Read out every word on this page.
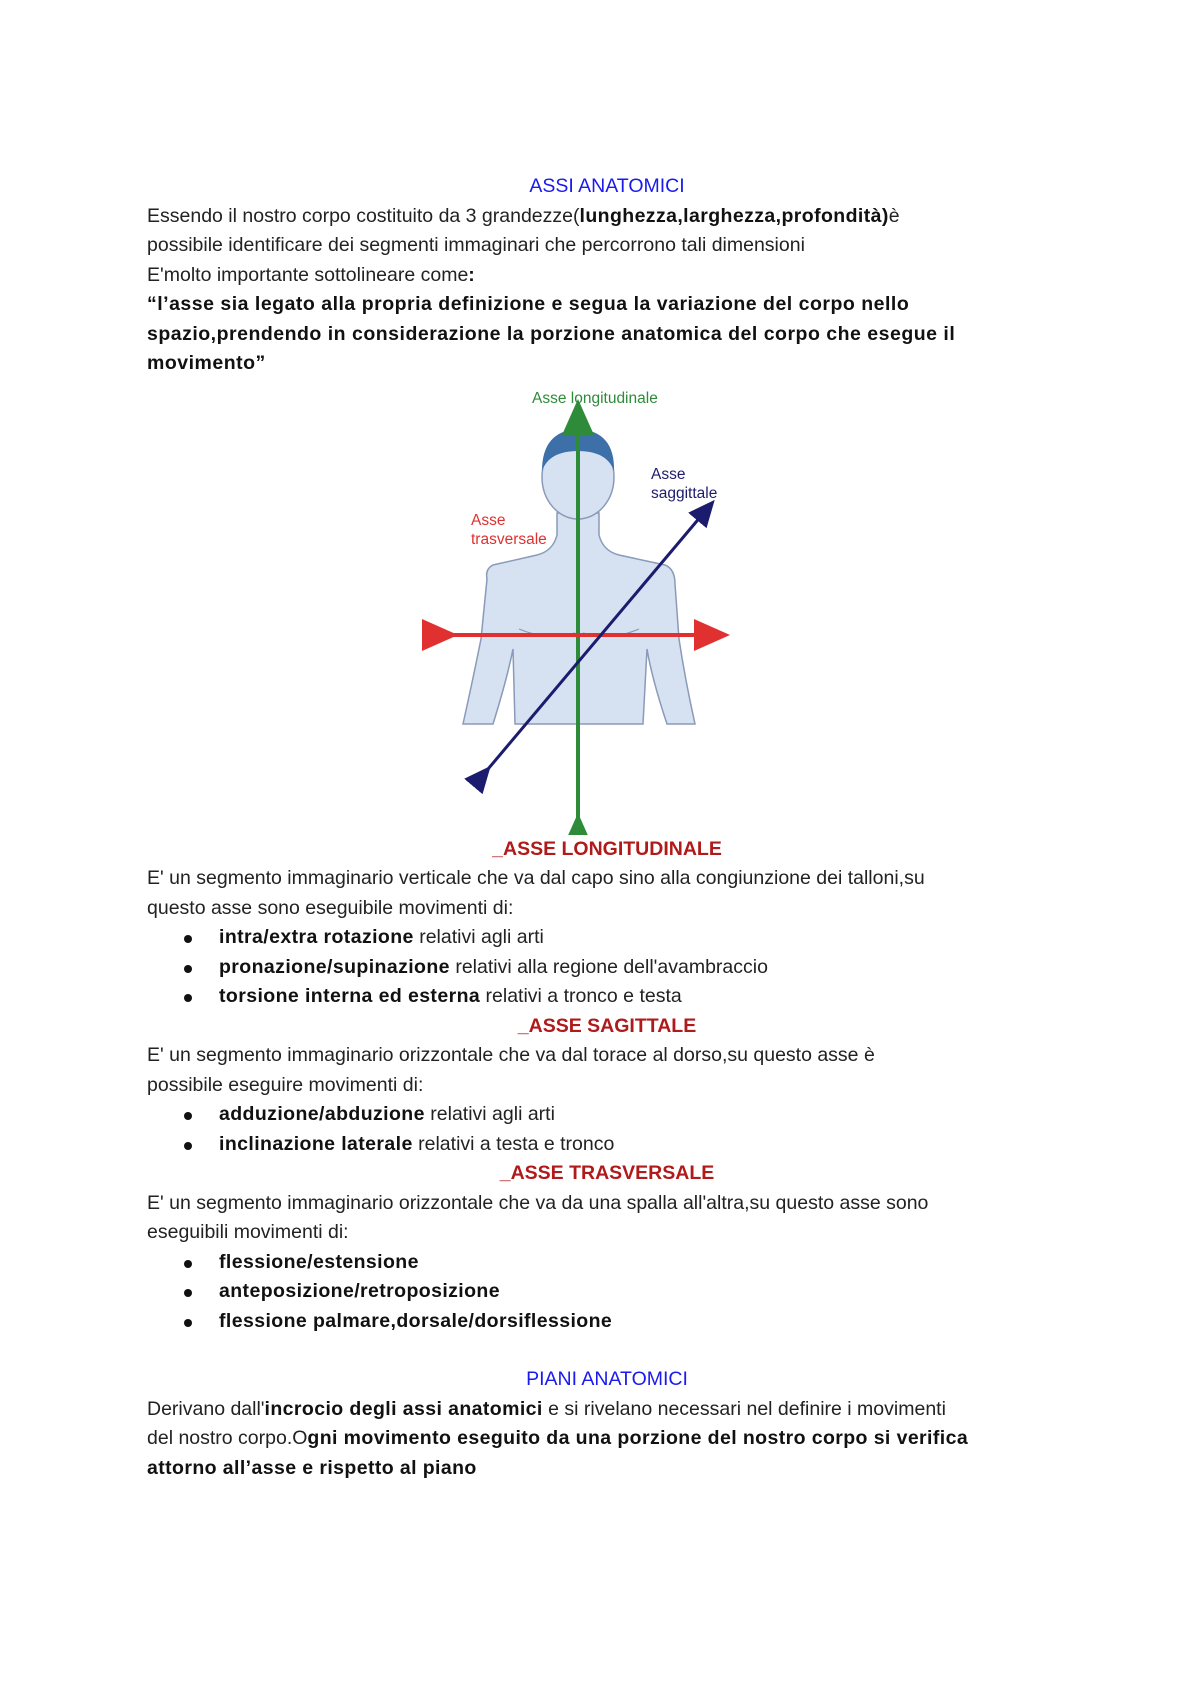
ASSI ANATOMICI
Essendo il nostro corpo costituito da 3 grandezze(lunghezza,larghezza,profondità)è
possibile identificare dei segmenti immaginari che percorrono tali dimensioni
E'molto importante sottolineare come:
“l’asse sia legato alla propria definizione e segua la variazione del corpo nello
spazio,prendendo in considerazione la porzione anatomica del corpo che esegue il
movimento”
Asse longitudinale
Asse
saggittale
Asse
trasversale
_ASSE LONGITUDINALE
E' un segmento immaginario verticale che va dal capo sino alla congiunzione dei talloni,su
questo asse sono eseguibile movimenti di:
intra/extra rotazione relativi agli arti
pronazione/supinazione relativi alla regione dell'avambraccio
torsione interna ed esterna relativi a tronco e testa
_ASSE SAGITTALE
E' un segmento immaginario orizzontale che va dal torace al dorso,su questo asse è
possibile eseguire movimenti di:
adduzione/abduzione relativi agli arti
inclinazione laterale relativi a testa e tronco
_ASSE TRASVERSALE
E' un segmento immaginario orizzontale che va da una spalla all'altra,su questo asse sono
eseguibili movimenti di:
flessione/estensione
anteposizione/retroposizione
flessione palmare,dorsale/dorsiflessione
PIANI ANATOMICI
Derivano dall'incrocio degli assi anatomici e si rivelano necessari nel definire i movimenti
del nostro corpo.Ogni movimento eseguito da una porzione del nostro corpo si verifica
attorno all’asse e rispetto al piano
